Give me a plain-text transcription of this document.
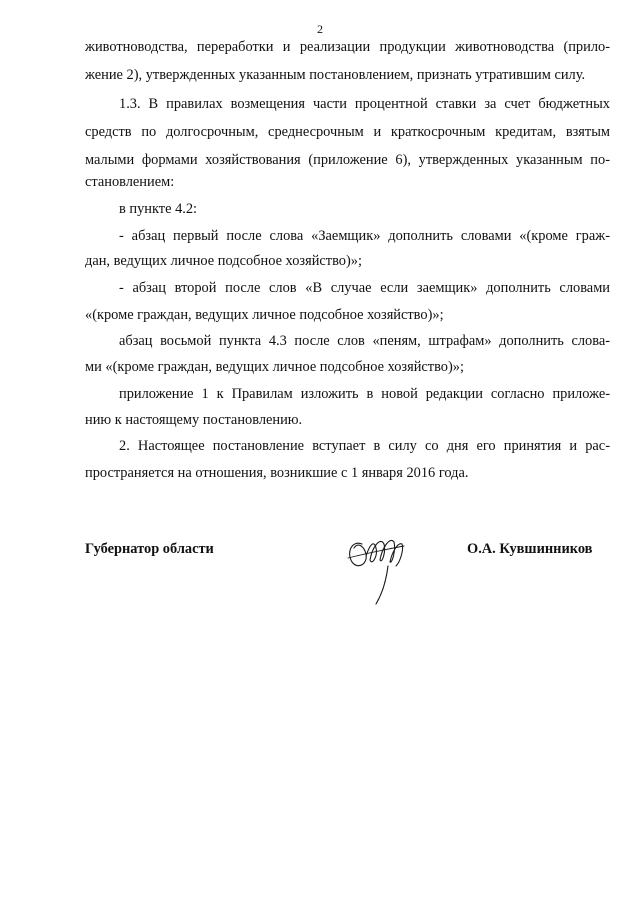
2
животноводства, переработки и реализации продукции животноводства (прило-
жение 2), утвержденных указанным постановлением, признать утратившим силу.
1.3. В правилах возмещения части процентной ставки за счет бюджетных
средств по долгосрочным, среднесрочным и краткосрочным кредитам, взятым
малыми формами хозяйствования (приложение 6), утвержденных указанным по-
становлением:
в пункте 4.2:
- абзац первый после слова «Заемщик» дополнить словами «(кроме граж-
дан, ведущих личное подсобное хозяйство)»;
- абзац второй после слов «В случае если заемщик» дополнить словами
«(кроме граждан, ведущих личное подсобное хозяйство)»;
абзац восьмой пункта 4.3 после слов «пеням, штрафам» дополнить слова-
ми «(кроме граждан, ведущих личное подсобное хозяйство)»;
приложение 1 к Правилам изложить в новой редакции согласно приложе-
нию к настоящему постановлению.
2. Настоящее постановление вступает в силу со дня его принятия и рас-
пространяется на отношения, возникшие с 1 января 2016 года.
Губернатор области	О.А. Кувшинников
